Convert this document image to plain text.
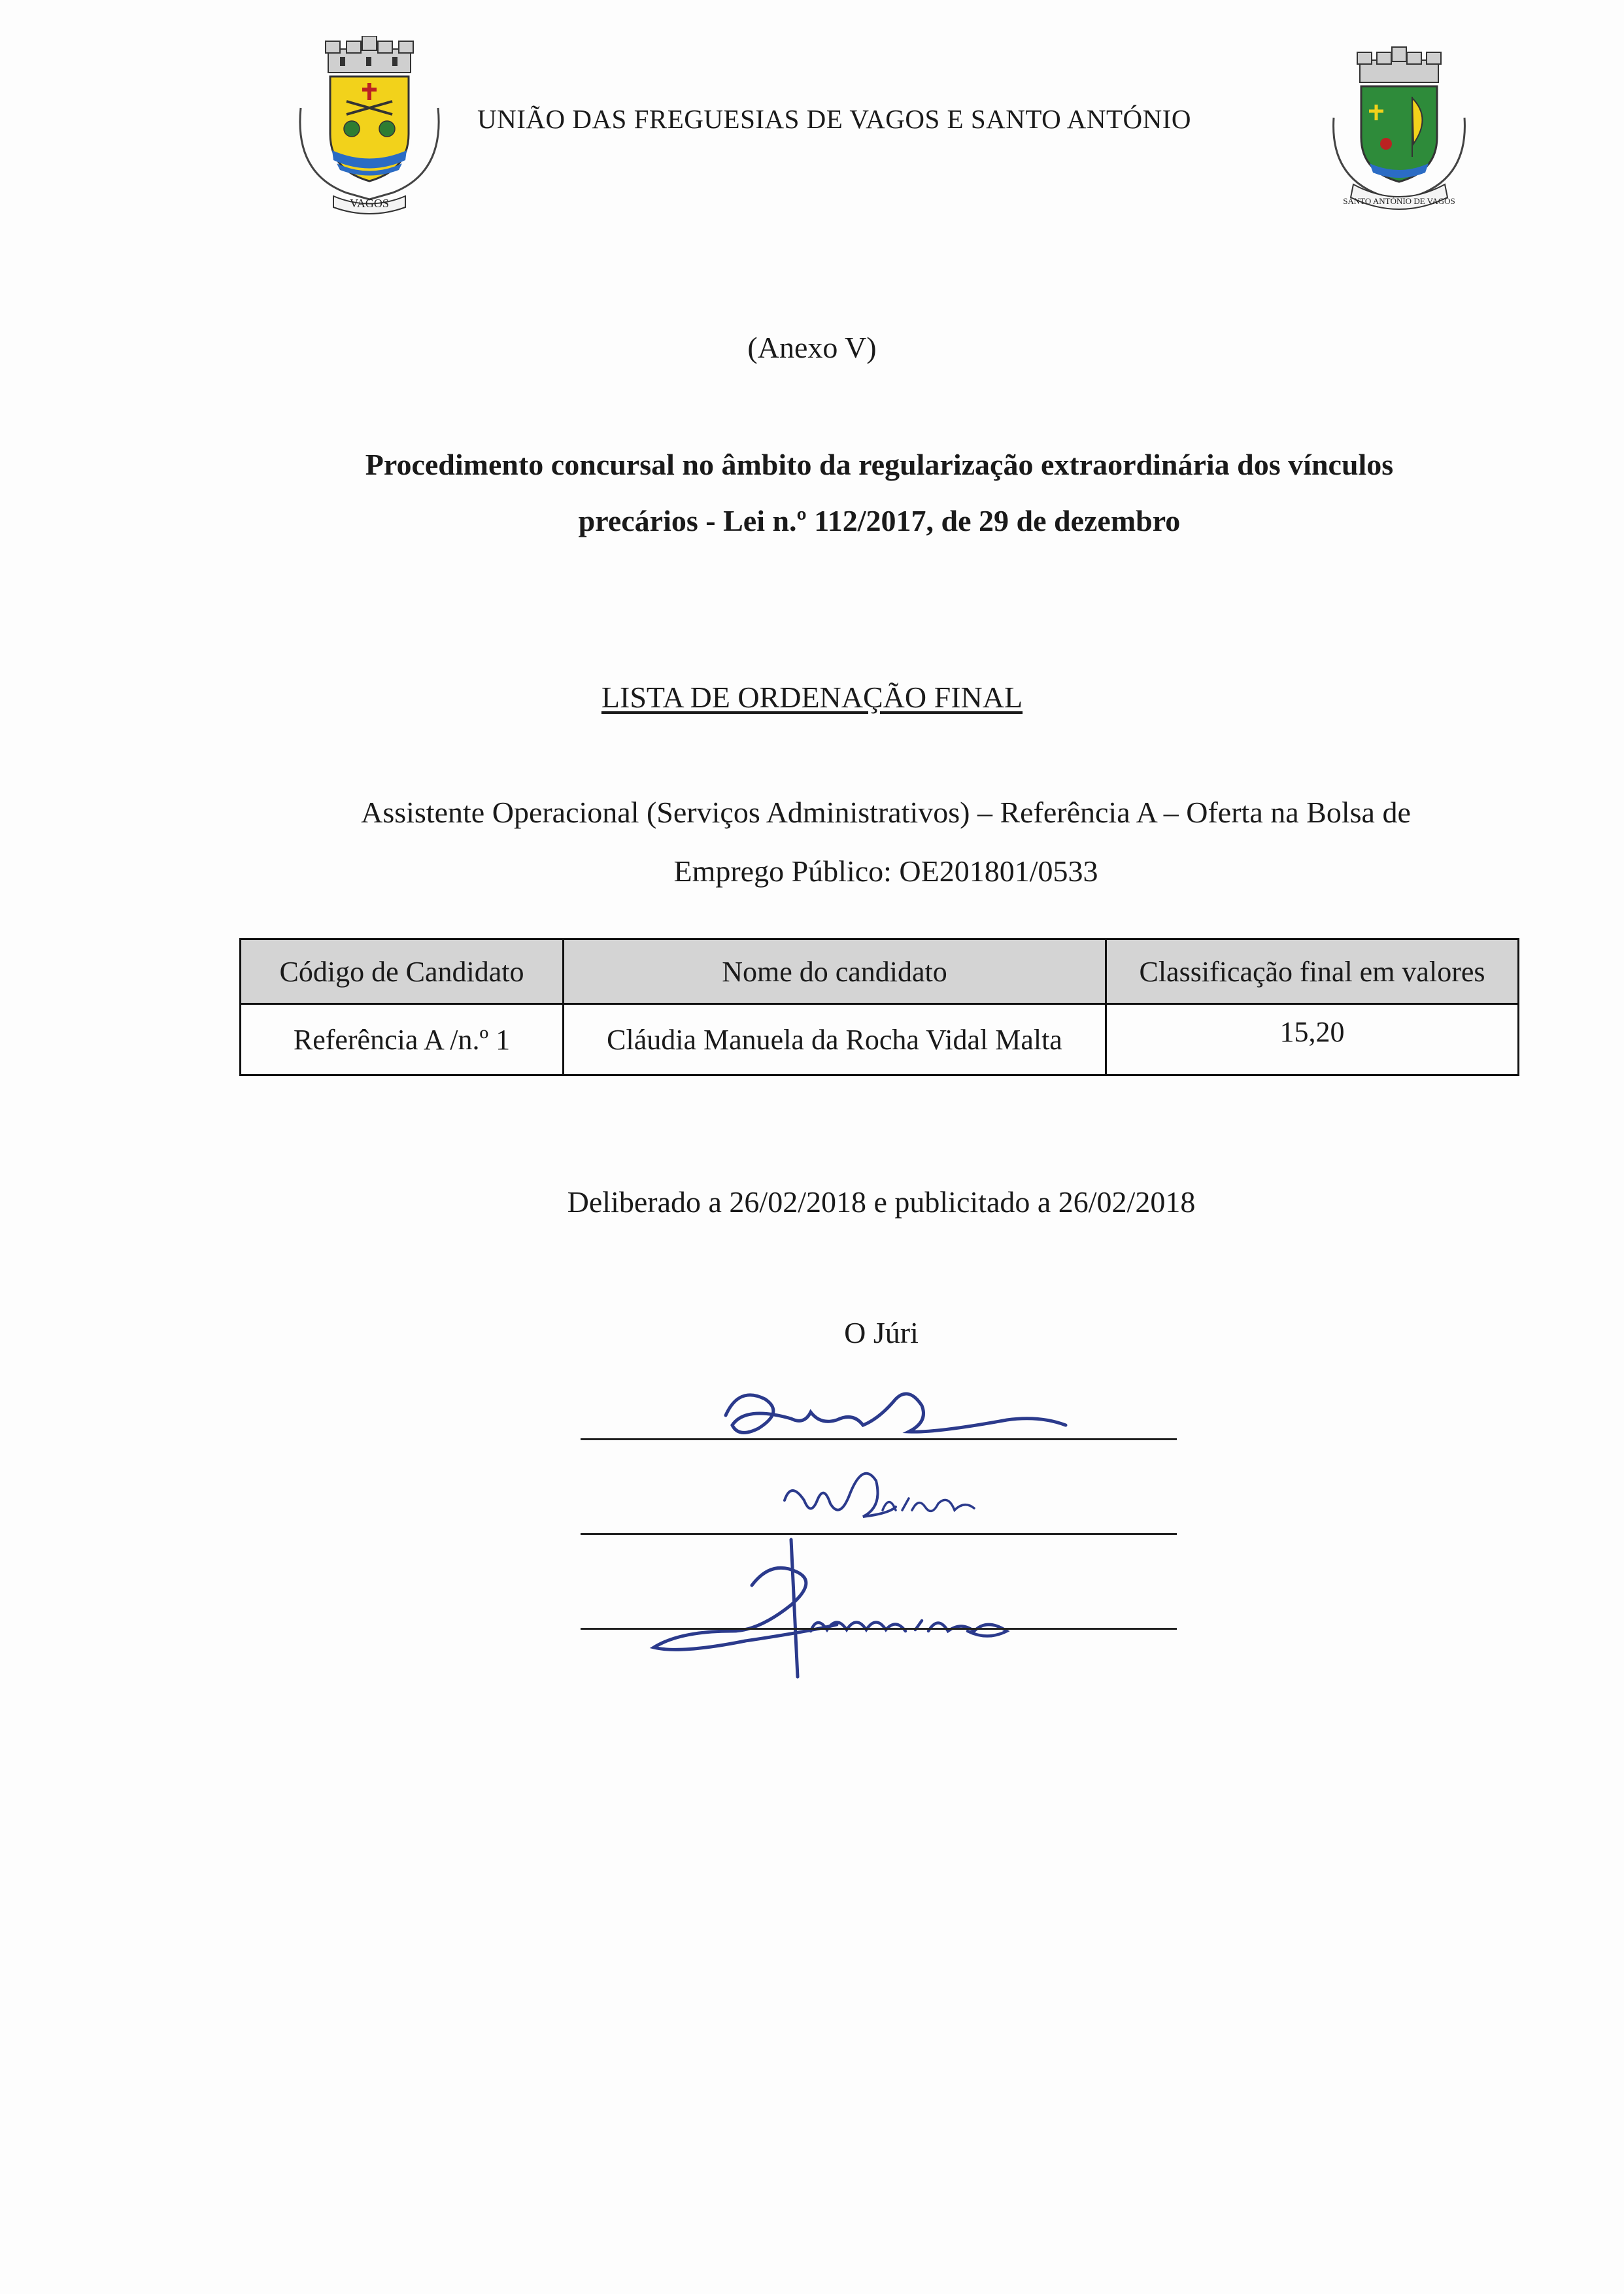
VAGOS
UNIÃO DAS FREGUESIAS DE VAGOS E SANTO ANTÓNIO
SANTO ANTÓNIO DE VAGOS
(Anexo V)
Procedimento concursal no âmbito da regularização extraordinária dos vínculos
precários - Lei n.º 112/2017, de 29 de dezembro
LISTA DE ORDENAÇÃO FINAL
Assistente Operacional (Serviços Administrativos) – Referência A – Oferta na Bolsa de
Emprego Público: OE201801/0533
Código de Candidato	Nome do candidato	Classificação final em valores
Referência A /n.º 1	Cláudia Manuela da Rocha Vidal Malta	15,20
Deliberado a 26/02/2018 e publicitado a 26/02/2018
O Júri
